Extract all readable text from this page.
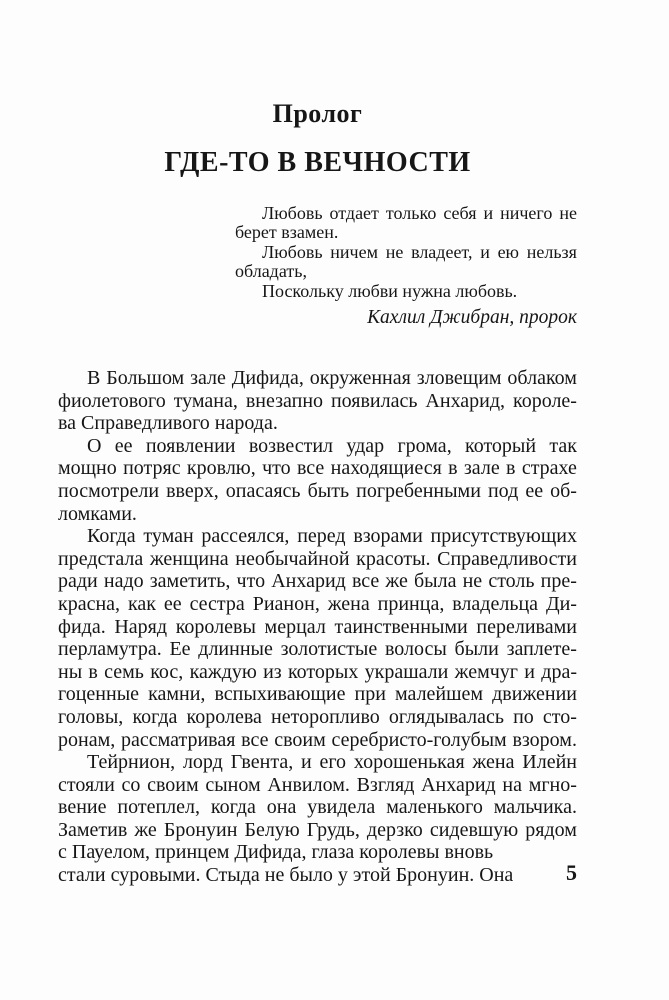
Пролог
ГДЕ-ТО В ВЕЧНОСТИ
Любовь отдает только себя и ничего не
берет взамен.
Любовь ничем не владеет, и ею нельзя
обладать,
Поскольку любви нужна любовь.
Кахлил Джибран, пророк
В Большом зале Дифида, окруженная зловещим облаком
фиолетового тумана, внезапно появилась Анхарид, короле-
ва Справедливого народа.
О ее появлении возвестил удар грома, который так
мощно потряс кровлю, что все находящиеся в зале в страхе
посмотрели вверх, опасаясь быть погребенными под ее об-
ломками.
Когда туман рассеялся, перед взорами присутствующих
предстала женщина необычайной красоты. Справедливости
ради надо заметить, что Анхарид все же была не столь пре-
красна, как ее сестра Рианон, жена принца, владельца Ди-
фида. Наряд королевы мерцал таинственными переливами
перламутра. Ее длинные золотистые волосы были заплете-
ны в семь кос, каждую из которых украшали жемчуг и дра-
гоценные камни, вспыхивающие при малейшем движении
головы, когда королева неторопливо оглядывалась по сто-
ронам, рассматривая все своим серебристо-голубым взором.
Тейрнион, лорд Гвента, и его хорошенькая жена Илейн
стояли со своим сыном Анвилом. Взгляд Анхарид на мгно-
вение потеплел, когда она увидела маленького мальчика.
Заметив же Бронуин Белую Грудь, дерзко сидевшую рядом
с Пауелом, принцем Дифида, глаза королевы вновь
стали суровыми. Стыда не было у этой Бронуин. Она	5
